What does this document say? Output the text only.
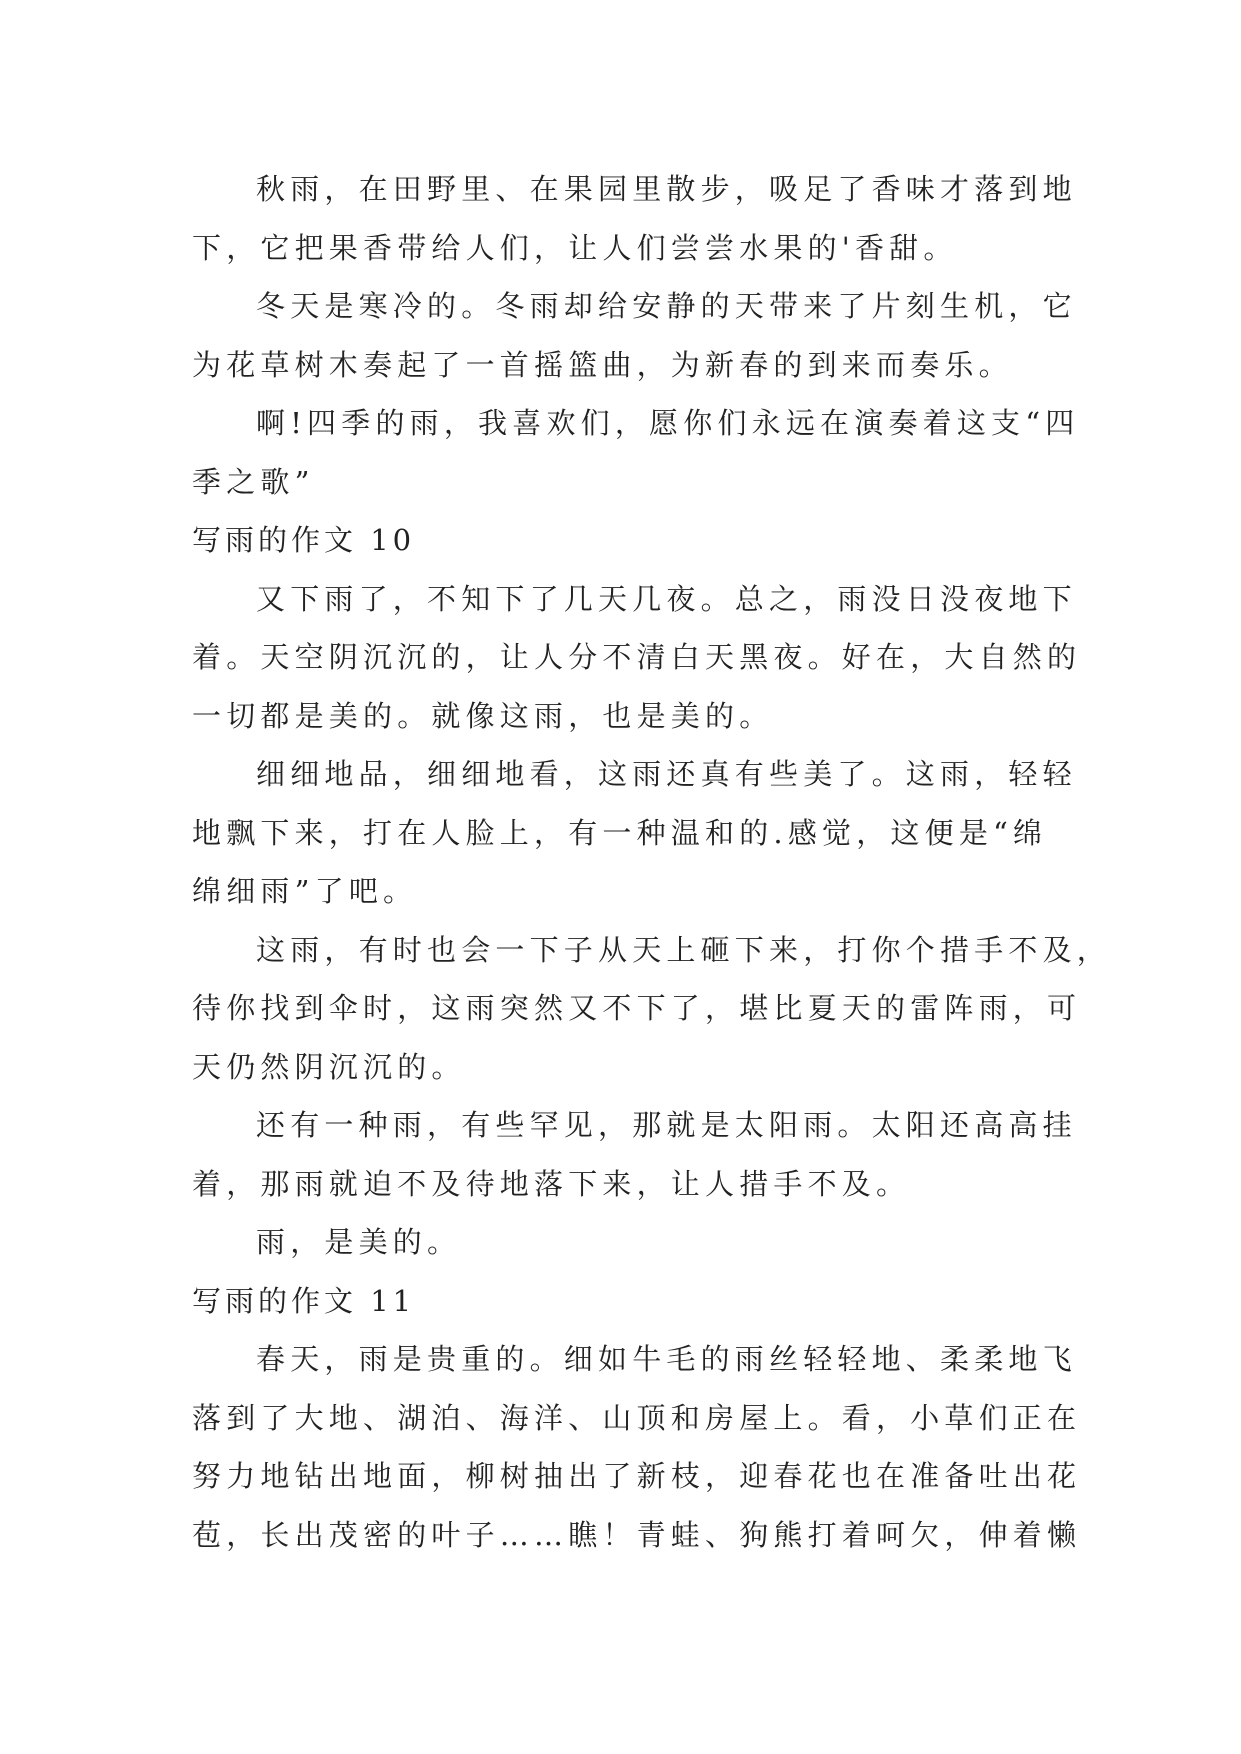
秋雨，在田野里、在果园里散步，吸足了香味才落到地
下，它把果香带给人们，让人们尝尝水果的'香甜。
冬天是寒冷的。冬雨却给安静的天带来了片刻生机，它
为花草树木奏起了一首摇篮曲，为新春的到来而奏乐。
啊!四季的雨，我喜欢们，愿你们永远在演奏着这支“四
季之歌”
写雨的作文 10
又下雨了，不知下了几天几夜。总之，雨没日没夜地下
着。天空阴沉沉的，让人分不清白天黑夜。好在，大自然的
一切都是美的。就像这雨，也是美的。
细细地品，细细地看，这雨还真有些美了。这雨，轻轻
地飘下来，打在人脸上，有一种温和的.感觉，这便是“绵
绵细雨”了吧。
这雨，有时也会一下子从天上砸下来，打你个措手不及，
待你找到伞时，这雨突然又不下了，堪比夏天的雷阵雨，可
天仍然阴沉沉的。
还有一种雨，有些罕见，那就是太阳雨。太阳还高高挂
着，那雨就迫不及待地落下来，让人措手不及。
雨，是美的。
写雨的作文 11
春天，雨是贵重的。细如牛毛的雨丝轻轻地、柔柔地飞
落到了大地、湖泊、海洋、山顶和房屋上。看，小草们正在
努力地钻出地面，柳树抽出了新枝，迎春花也在准备吐出花
苞，长出茂密的叶子……瞧！青蛙、狗熊打着呵欠，伸着懒
